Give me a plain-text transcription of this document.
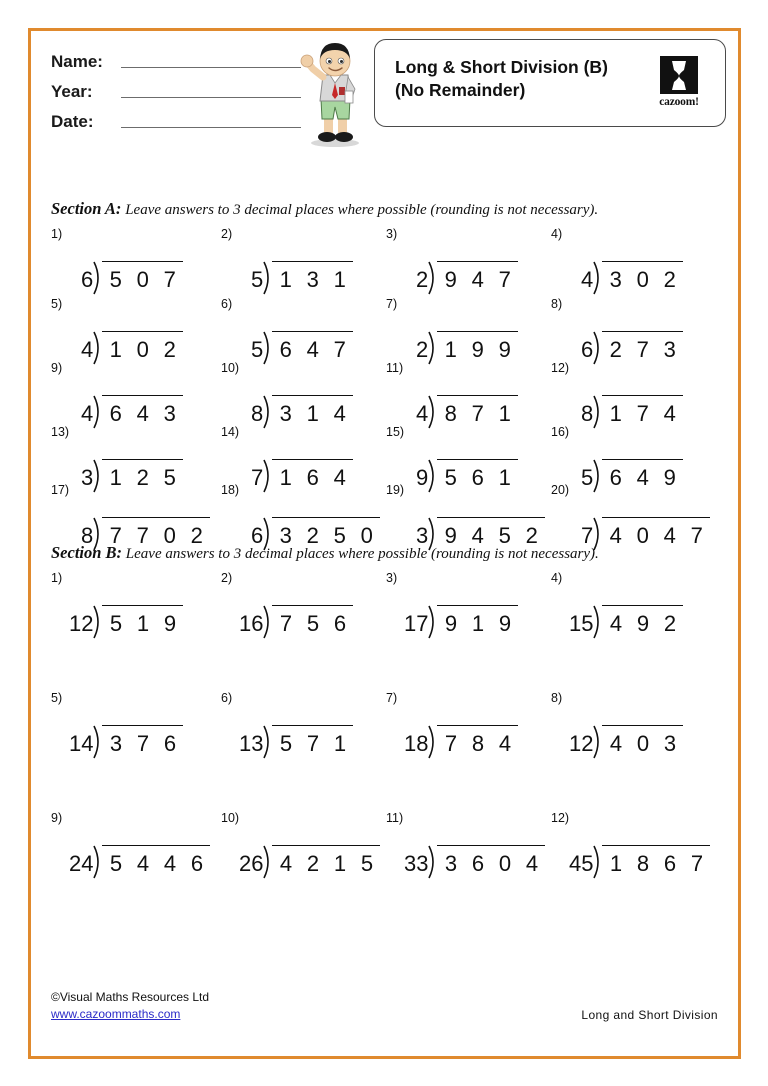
Name:
Year:
Date:
Long & Short Division (B)
(No Remainder)
cazoom!
Section A: Leave answers to 3 decimal places where possible (rounding is not necessary).
1)
6 5 0 7
2)
5 1 3 1
3)
2 9 4 7
4)
4 3 0 2
5)
4 1 0 2
6)
5 6 4 7
7)
2 1 9 9
8)
6 2 7 3
9)
4 6 4 3
10)
8 3 1 4
11)
4 8 7 1
12)
8 1 7 4
13)
3 1 2 5
14)
7 1 6 4
15)
9 5 6 1
16)
5 6 4 9
17)
8 7 7 0 2
18)
6 3 2 5 0
19)
3 9 4 5 2
20)
7 4 0 4 7
Section B: Leave answers to 3 decimal places where possible (rounding is not necessary).
1)
12 5 1 9
2)
16 7 5 6
3)
17 9 1 9
4)
15 4 9 2
5)
14 3 7 6
6)
13 5 7 1
7)
18 7 8 4
8)
12 4 0 3
9)
24 5 4 4 6
10)
26 4 2 1 5
11)
33 3 6 0 4
12)
45 1 8 6 7
©Visual Maths Resources Ltd
www.cazoommaths.com	Long and Short Division
